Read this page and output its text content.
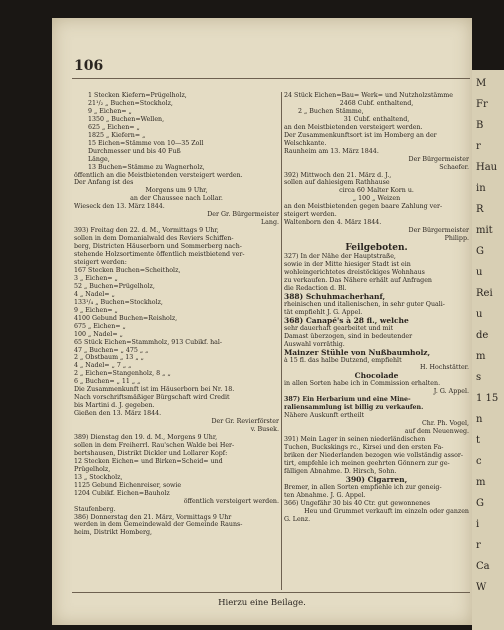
106
1 Stecken Kiefern=Prügelholz,
21¹/₂ „ Buchen=Stockholz,
9 „ Eichen= „
1350 „ Buchen=Wellen,
625 „ Eichen= „
1825 „ Kiefern= „
15 Eichen=Stämme von 10—35 Zoll
Durchmesser und bis 40 Fuß
Länge,
13 Buchen=Stämme zu Wagnerholz,
öffentlich an die Meistbietenden versteigert werden.
Der Anfang ist des
Morgens um 9 Uhr,
an der Chaussee nach Lollar.
Wieseck den 13. März 1844.
Der Gr. Bürgermeister
Lang.
393) Freitag den 22. d. M., Vormittags 9 Uhr,
sollen in dem Domanialwald des Reviers Schiffen-
berg, Districten Häuserborn und Sommerberg nach-
stehende Holzsortimente öffentlich meistbietend ver-
steigert werden:
167 Stecken Buchen=Scheitholz,
3 „ Eichen= „
52 „ Buchen=Prügelholz,
4 „ Nadel= „
133¹/₄ „ Buchen=Stockholz,
9 „ Eichen= „
4100 Gebund Buchen=Reisholz,
675 „ Eichen= „
100 „ Nadel= „
65 Stück Eichen=Stammholz, 913 Cubikf. hal-
47 „ Buchen= „ 475 „ „
2 „ Obstbaum „ 13 „ „
4 „ Nadel= „ 7 „ „
2 „ Eichen=Stangenholz, 8 „ „
6 „ Buchen= „ 11 „ „
Die Zusammenkunft ist im Häuserborn bei Nr. 18.
Nach vorschriftsmäßiger Bürgschaft wird Credit
bis Martini d. J. gegeben.
Gießen den 13. März 1844.
Der Gr. Revierförster
v. Busek.
389) Dienstag den 19. d. M., Morgens 9 Uhr,
sollen in dem Freiherrl. Rau'schen Walde bei Her-
bertshausen, Distrikt Dickler und Lollarer Kopf:
12 Stecken Eichen= und Birken=Scheid= und
Prügelholz,
13 „ Stockholz,
1125 Gebund Eichenreiser, sowie
1204 Cubikf. Eichen=Bauholz
öffentlich versteigert werden.
Staufenberg.
386) Donnerstag den 21. März, Vormittags 9 Uhr
werden in dem Gemeindewald der Gemeinde Rauns-
heim, Distrikt Homberg,
24 Stück Eichen=Bau= Werk= und Nutzholzstämme
2468 Cubf. enthaltend,
2 „ Buchen Stämme,
31 Cubf. enthaltend,
an den Meistbietenden versteigert werden.
Der Zusammenkunftsort ist im Homberg an der
Welschkante.
Raunheim am 13. März 1844.
Der Bürgermeister
Schaefer.
392) Mittwoch den 21. März d. J.,
sollen auf dahiesigem Rathhause
circa 60 Malter Korn u.
„ 100 „ Weizen
an den Meistbietenden gegen baare Zahlung ver-
steigert werden.
Waltenborn den 4. März 1844.
Der Bürgermeister
Philipp.
Feilgeboten.
327) In der Nähe der Hauptstraße,
sowie in der Mitte hiesiger Stadt ist ein
wohleingerichtetes dreistöckiges Wohnhaus
zu verkaufen. Das Nähere erhält auf Anfragen
die Redaction d. Bl.
388) Schuhmacherhanf,
rheinischen und italienischen, in sehr guter Quali-
tät empfiehlt J. G. Appel.
368) Canapé's à 28 fl., welche
sehr dauerhaft gearbeitet und mit
Damast überzogen, sind in bedeutender
Auswahl vorräthig.
Mainzer Stühle von Nußbaumholz,
à 15 fl. das halbe Dutzend, empfiehlt
H. Hochstätter.
Chocolade
in allen Sorten habe ich in Commission erhalten.
J. G. Appel.
387) Ein Herbarium und eine Mine-
raliensammlung ist billig zu verkaufen.
Nähere Auskunft ertheilt
Chr. Ph. Vogel,
auf dem Neuenweg.
391) Mein Lager in seinen niederländischen
Tuchen, Buckskings rc., Kirsei und den ersten Fa-
briken der Niederlanden bezogen wie vollständig assor-
tirt, empfehle ich meinen geehrten Gönnern zur ge-
fälligen Abnahme. D. Hirsch, Sohn.
390) Cigarren,
Bremer, in allen Sorten empfiehle ich zur geneig-
ten Abnahme. J. G. Appel.
366) Ungefähr 30 bis 40 Ctr. gut gewonnenes
Heu und Grummet verkauft im einzeln oder ganzen
G. Lenz.
Hierzu eine Beilage.
M
Fr
B
r
Hau
in
R
mit
G
u
Rei
u
de
m
s
1 15
n
t
c
m
G
i
r
Ca
W
